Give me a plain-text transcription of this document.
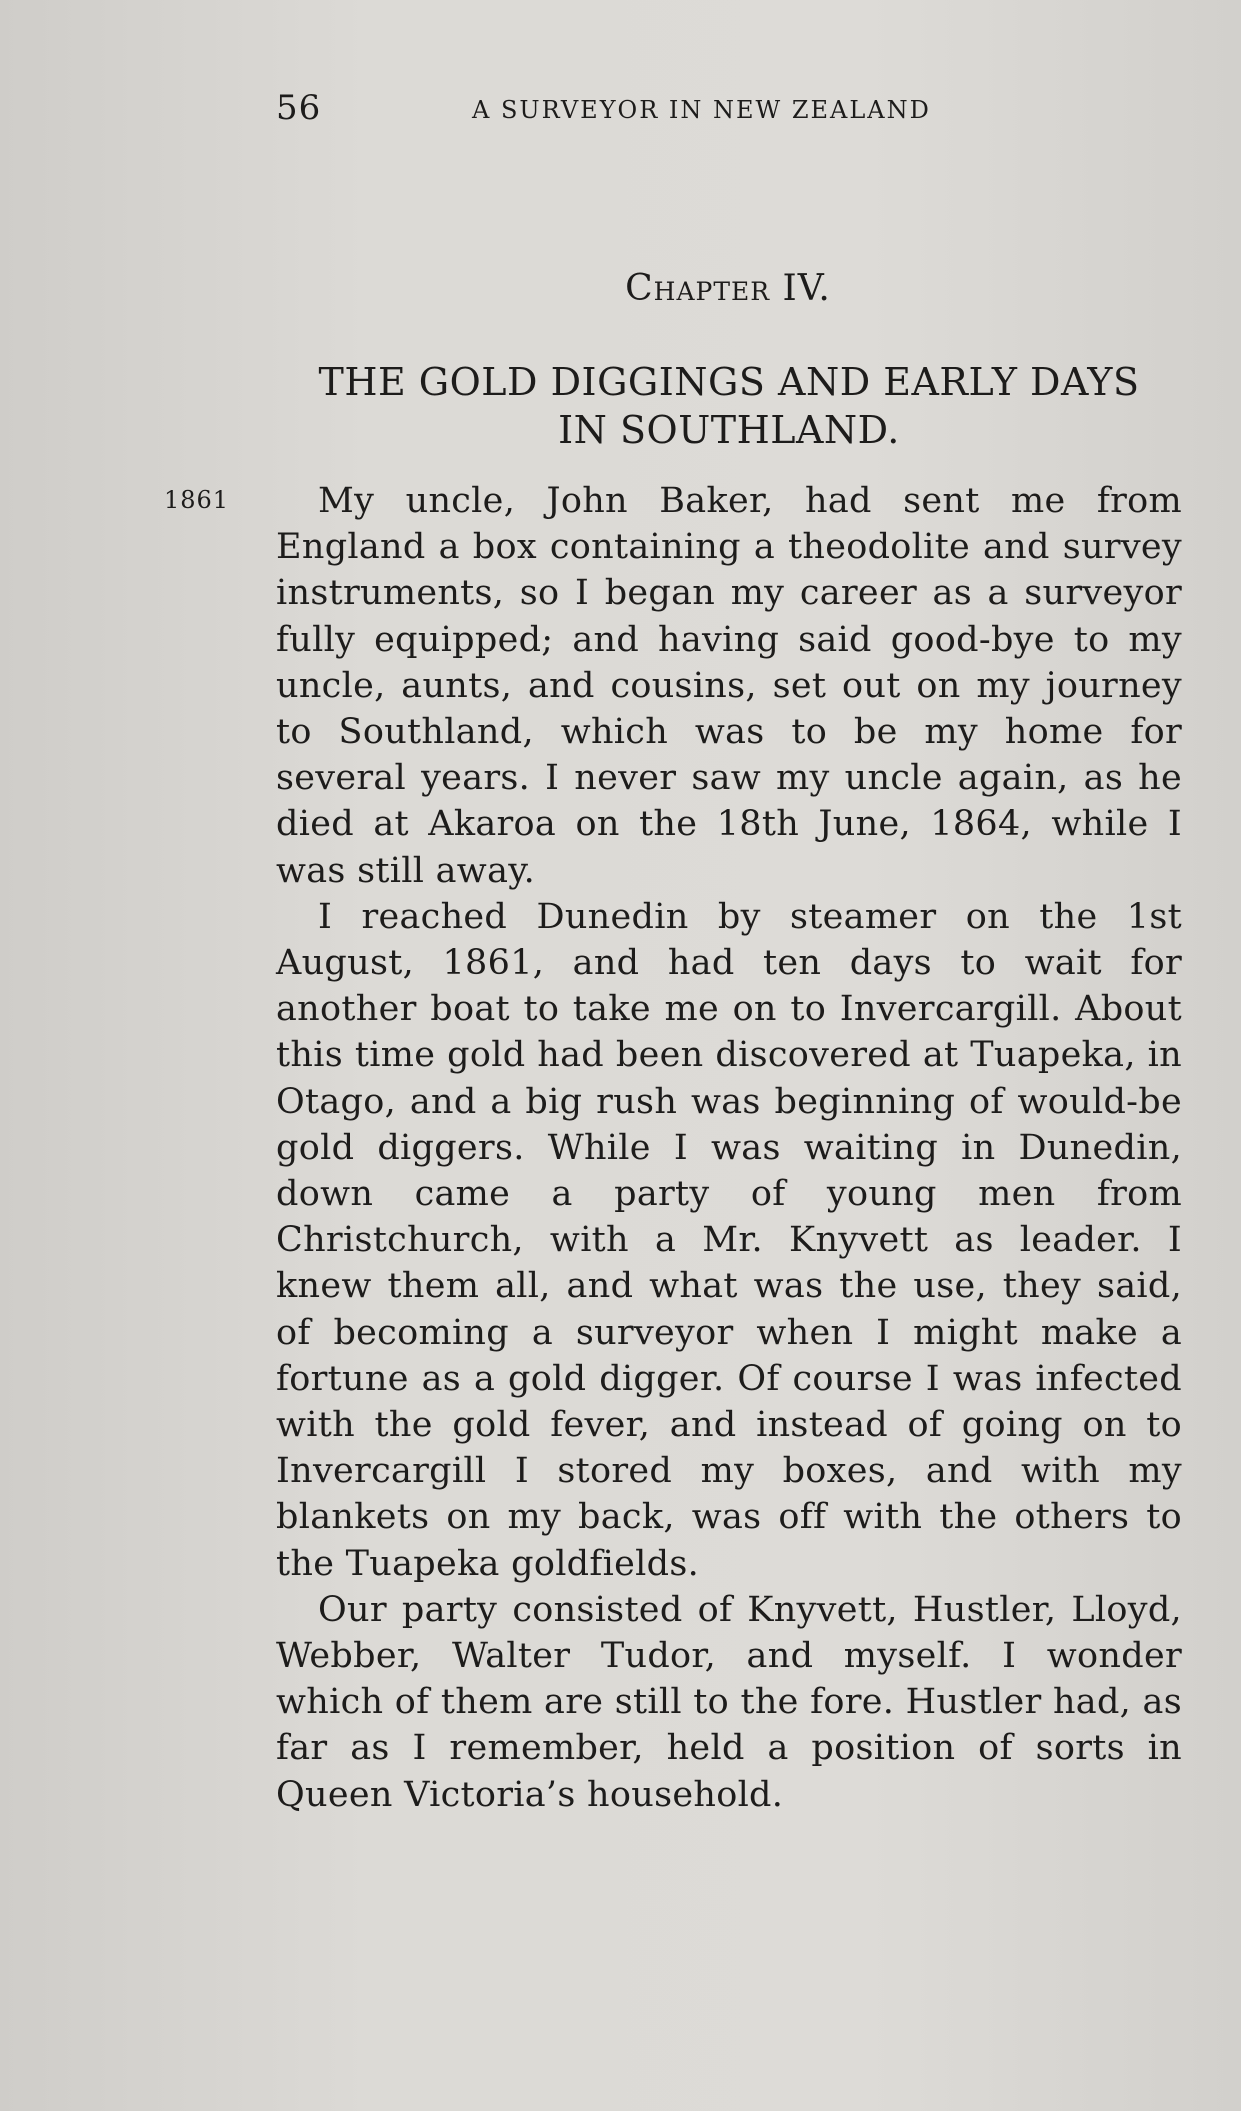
56	A SURVEYOR IN NEW ZEALAND
Chapter IV.
THE GOLD DIGGINGS AND EARLY DAYS
IN SOUTHLAND.
1861	My uncle, John Baker, had sent me from England a box containing a theodolite and survey instruments, so I began my career as a surveyor fully equipped; and having said good-bye to my uncle, aunts, and cousins, set out on my journey to Southland, which was to be my home for several years. I never saw my uncle again, as he died at Akaroa on the 18th June, 1864, while I was still away.

I reached Dunedin by steamer on the 1st August, 1861, and had ten days to wait for another boat to take me on to Invercargill. About this time gold had been discovered at Tuapeka, in Otago, and a big rush was beginning of would-be gold diggers. While I was waiting in Dunedin, down came a party of young men from Christchurch, with a Mr. Knyvett as leader. I knew them all, and what was the use, they said, of becoming a surveyor when I might make a fortune as a gold digger. Of course I was infected with the gold fever, and instead of going on to Invercargill I stored my boxes, and with my blankets on my back, was off with the others to the Tuapeka goldfields.

Our party consisted of Knyvett, Hustler, Lloyd, Webber, Walter Tudor, and myself. I wonder which of them are still to the fore. Hustler had, as far as I remember, held a position of sorts in Queen Victoria’s household.
